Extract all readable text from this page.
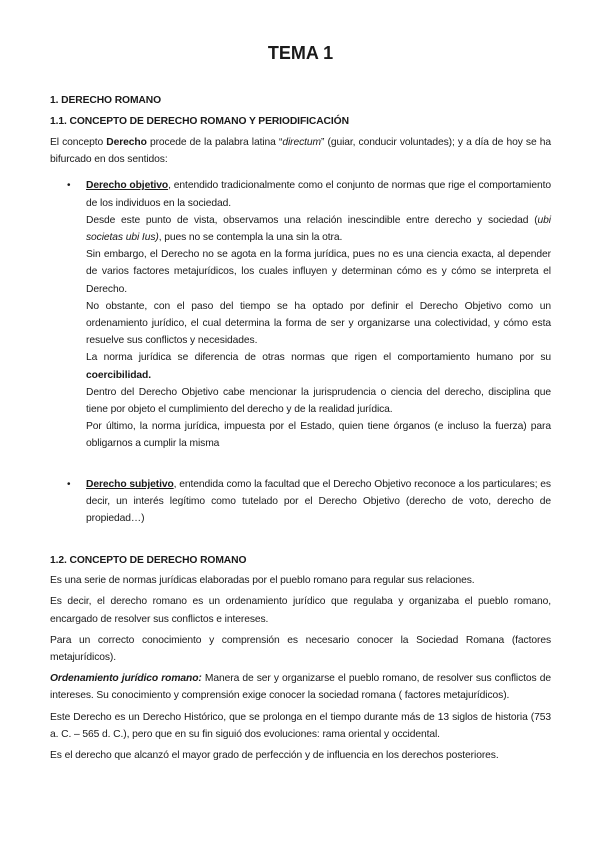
TEMA 1

1. DERECHO ROMANO

1.1. CONCEPTO DE DERECHO ROMANO Y PERIODIFICACIÓN

El concepto Derecho procede de la palabra latina “directum” (guiar, conducir voluntades); y a día de hoy se ha bifurcado en dos sentidos:

• Derecho objetivo, entendido tradicionalmente como el conjunto de normas que rige el comportamiento de los individuos en la sociedad.

Desde este punto de vista, observamos una relación inescindible entre derecho y sociedad (ubi societas ubi Ius), pues no se contempla la una sin la otra.

Sin embargo, el Derecho no se agota en la forma jurídica, pues no es una ciencia exacta, al depender de varios factores metajurídicos, los cuales influyen y determinan cómo es y cómo se interpreta el Derecho.

No obstante, con el paso del tiempo se ha optado por definir el Derecho Objetivo como un ordenamiento jurídico, el cual determina la forma de ser y organizarse una colectividad, y cómo esta resuelve sus conflictos y necesidades.

La norma jurídica se diferencia de otras normas que rigen el comportamiento humano por su coercibilidad.

Dentro del Derecho Objetivo cabe mencionar la jurisprudencia o ciencia del derecho, disciplina que tiene por objeto el cumplimiento del derecho y de la realidad jurídica.

Por último, la norma jurídica, impuesta por el Estado, quien tiene órganos (e incluso la fuerza) para obligarnos a cumplir la misma

• Derecho subjetivo, entendida como la facultad que el Derecho Objetivo reconoce a los particulares; es decir, un interés legítimo como tutelado por el Derecho Objetivo (derecho de voto, derecho de propiedad…)

1.2. CONCEPTO DE DERECHO ROMANO

Es una serie de normas jurídicas elaboradas por el pueblo romano para regular sus relaciones.

Es decir, el derecho romano es un ordenamiento jurídico que regulaba y organizaba el pueblo romano, encargado de resolver sus conflictos e intereses.

Para un correcto conocimiento y comprensión es necesario conocer la Sociedad Romana (factores metajurídicos).

Ordenamiento jurídico romano: Manera de ser y organizarse el pueblo romano, de resolver sus conflictos de intereses. Su conocimiento y comprensión exige conocer la sociedad romana ( factores metajurídicos).

Este Derecho es un Derecho Histórico, que se prolonga en el tiempo durante más de 13 siglos de historia (753 a. C. – 565 d. C.), pero que en su fin siguió dos evoluciones: rama oriental y occidental.

Es el derecho que alcanzó el mayor grado de perfección y de influencia en los derechos posteriores.
